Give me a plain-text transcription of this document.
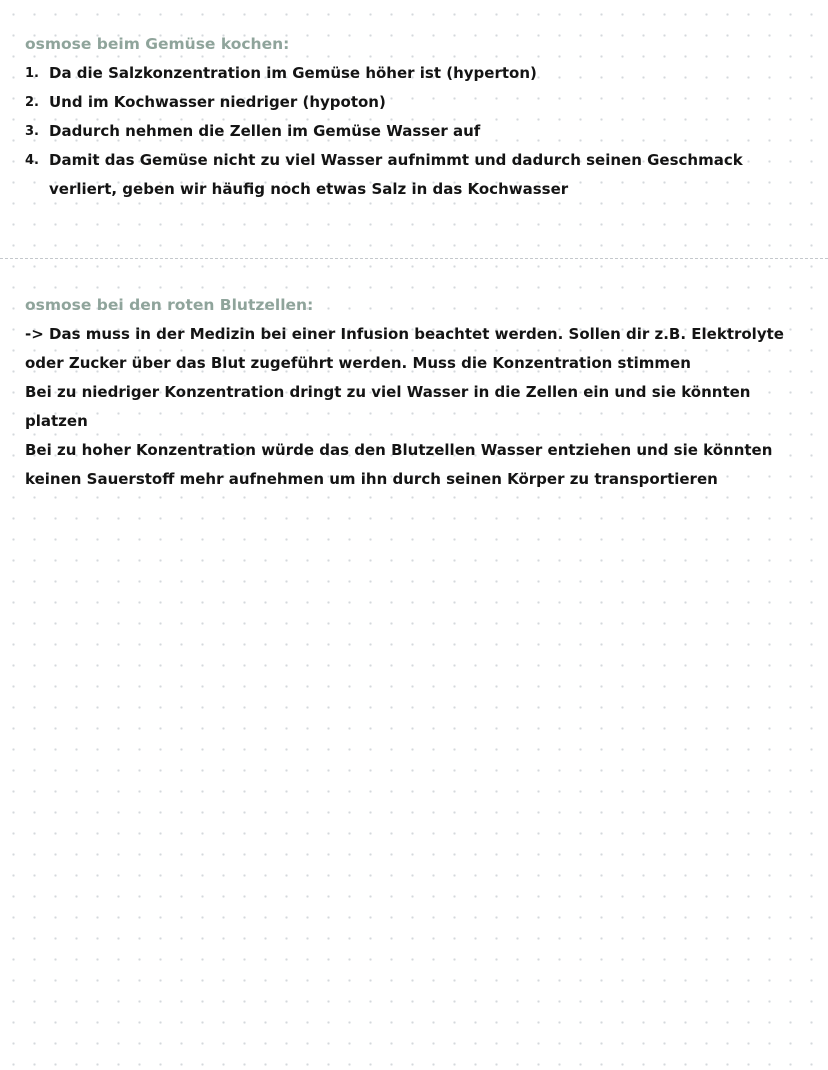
osmose beim Gemüse kochen:
1. Da die Salzkonzentration im Gemüse höher ist (hyperton)
2. Und im Kochwasser niedriger (hypoton)
3. Dadurch nehmen die Zellen im Gemüse Wasser auf
4. Damit das Gemüse nicht zu viel Wasser aufnimmt und dadurch seinen Geschmack verliert, geben wir häufig noch etwas Salz in das Kochwasser
osmose bei den roten Blutzellen:
-> Das muss in der Medizin bei einer Infusion beachtet werden. Sollen dir z.B. Elektrolyte
oder Zucker über das Blut zugeführt werden. Muss die Konzentration stimmen
Bei zu niedriger Konzentration dringt zu viel Wasser in die Zellen ein und sie könnten
platzen
Bei zu hoher Konzentration würde das den Blutzellen Wasser entziehen und sie könnten
keinen Sauerstoff mehr aufnehmen um ihn durch seinen Körper zu transportieren
